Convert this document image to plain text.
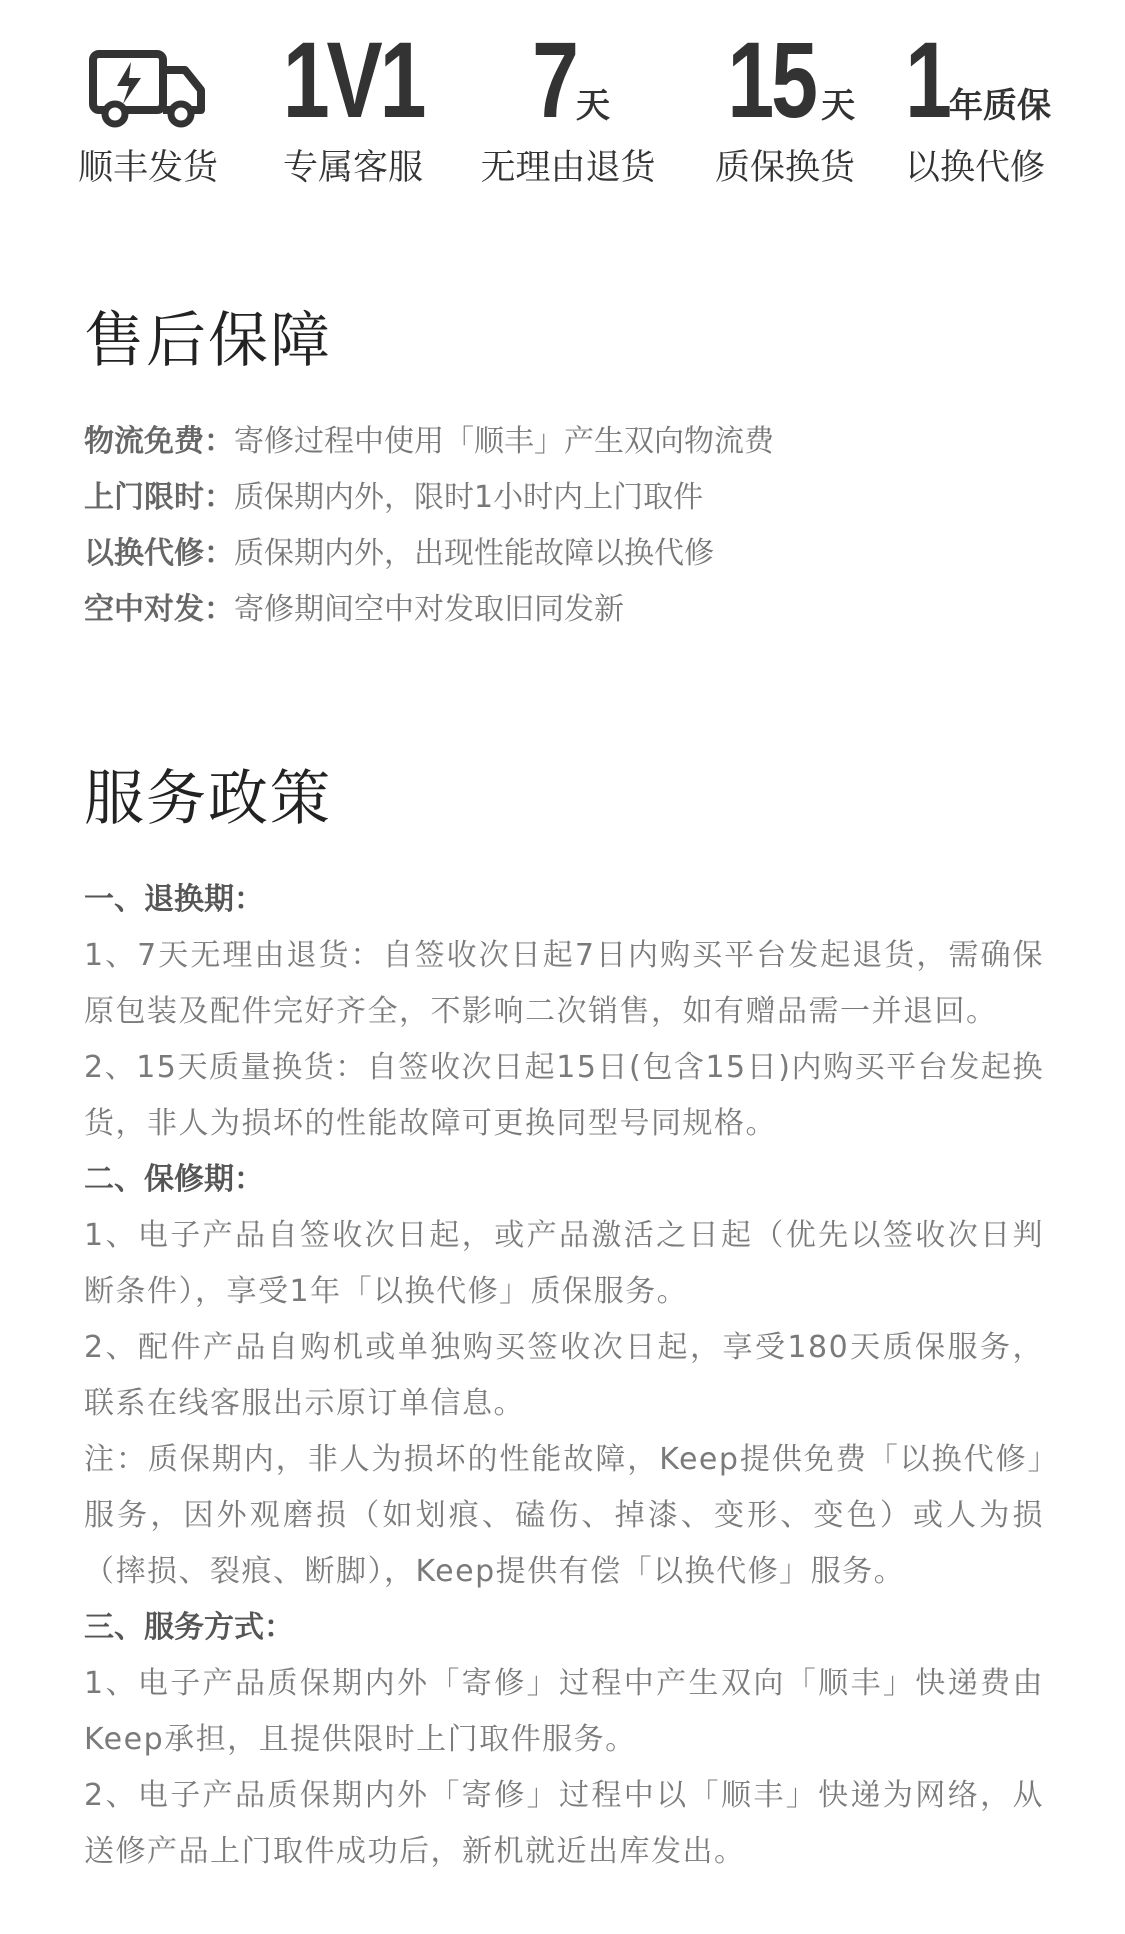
顺丰发货
1V1
专属客服
7 天
无理由退货
15 天
质保换货
1 年质保
以换代修
售后保障
物流免费：寄修过程中使用「顺丰」产生双向物流费
上门限时：质保期内外，限时1小时内上门取件
以换代修：质保期内外，出现性能故障以换代修
空中对发：寄修期间空中对发取旧同发新
服务政策

一、退换期：

1、7天无理由退货：自签收次日起7日内购买平台发起退货，需确保原包装及配件完好齐全，不影响二次销售，如有赠品需一并退回。

2、15天质量换货：自签收次日起15日(包含15日)内购买平台发起换货，非人为损坏的性能故障可更换同型号同规格。

二、保修期：

1、电子产品自签收次日起，或产品激活之日起（优先以签收次日判断条件），享受1年「以换代修」质保服务。

2、配件产品自购机或单独购买签收次日起，享受180天质保服务，联系在线客服出示原订单信息。

注：质保期内，非人为损坏的性能故障，Keep提供免费「以换代修」服务，因外观磨损（如划痕、磕伤、掉漆、变形、变色）或人为损（摔损、裂痕、断脚），Keep提供有偿「以换代修」服务。

三、服务方式：

1、电子产品质保期内外「寄修」过程中产生双向「顺丰」快递费由Keep承担，且提供限时上门取件服务。

2、电子产品质保期内外「寄修」过程中以「顺丰」快递为网络，从送修产品上门取件成功后，新机就近出库发出。
